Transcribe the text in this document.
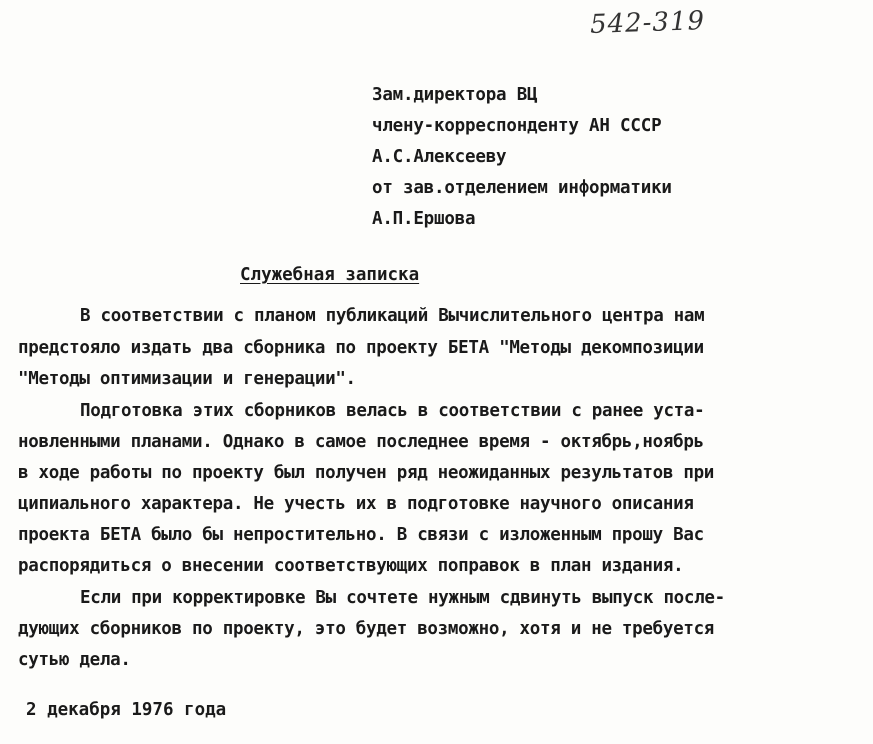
542-319
Зам.директора ВЦ
члену-корреспонденту АН СССР
А.С.Алексееву
от зав.отделением информатики
А.П.Ершова
Служебная записка
В соответствии с планом публикаций Вычислительного центра нам
предстояло издать два сборника по проекту БЕТА "Методы декомпозиции
"Методы оптимизации и генерации".
Подготовка этих сборников велась в соответствии с ранее уста-
новленными планами. Однако в самое последнее время - октябрь,ноябрь
в ходе работы по проекту был получен ряд неожиданных результатов при
ципиального характера. Не учесть их в подготовке научного описания
проекта БЕТА было бы непростительно. В связи с изложенным прошу Вас
распорядиться о внесении соответствующих поправок в план издания.
Если при корректировке Вы сочтете нужным сдвинуть выпуск после-
дующих сборников по проекту, это будет возможно, хотя и не требуется
сутью дела.
2 декабря 1976 года
